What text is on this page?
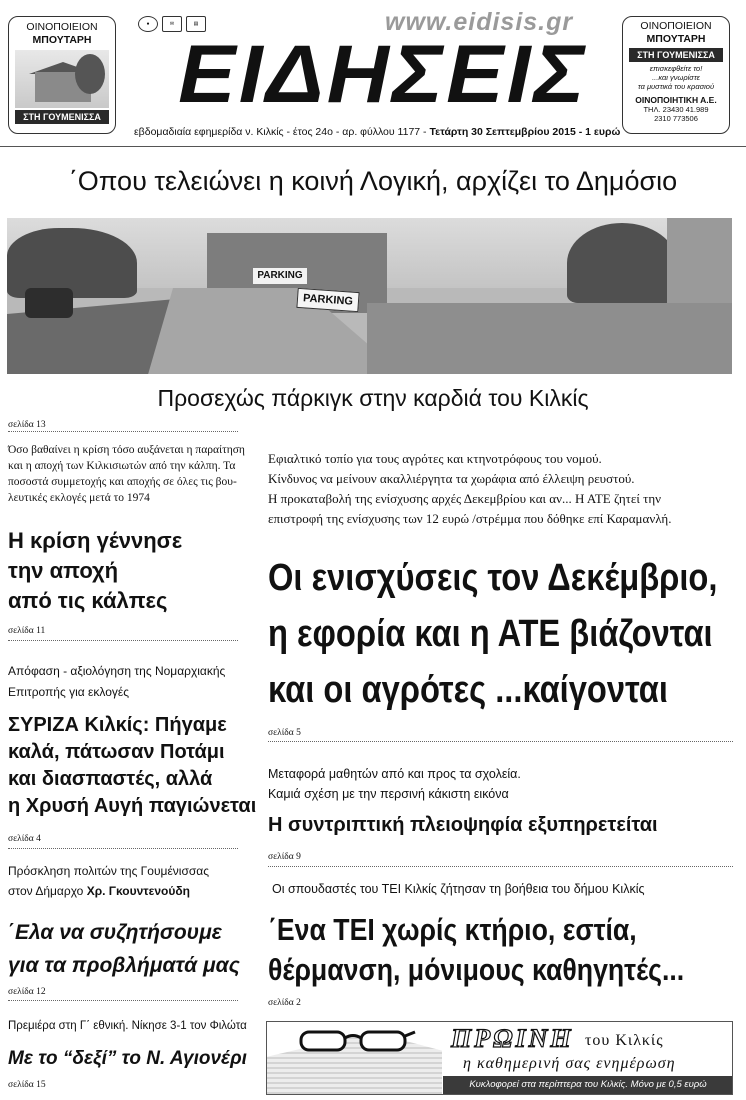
ΟΙΝΟΠΟΙΕΙΟΝ
ΜΠΟΥΤΑΡΗ
ΣΤΗ ΓΟΥΜΕΝΙΣΣΑ
●	✉	▤	www.eidisis.gr
ΕΙΔΗΣΕΙΣ
εβδομαδιαία εφημερίδα ν. Κιλκίς - έτος 24ο - αρ. φύλλου 1177 - Τετάρτη 30 Σεπτεμβρίου 2015 - 1 ευρώ
ΟΙΝΟΠΟΙΕΙΟΝ
ΜΠΟΥΤΑΡΗ
ΣΤΗ ΓΟΥΜΕΝΙΣΣΑ
επισκεφθείτε το!
...και γνωρίστε
τα μυστικά του κρασιού
ΟΙΝΟΠΟΙΗΤΙΚΗ Α.Ε.
ΤΗΛ. 23430 41.989
2310 773506
΄Οπου τελειώνει η κοινή Λογική, αρχίζει το Δημόσιο
PARKING
PARKING
Προσεχώς πάρκιγκ στην καρδιά του Κιλκίς
σελίδα 13
Όσο βαθαίνει η κρίση τόσο αυξάνεται η παραίτηση
και η αποχή των Κιλκισιωτών από την κάλπη. Τα
ποσοστά συμμετοχής και αποχής σε όλες τις βου-
λευτικές εκλογές μετά το 1974
Η κρίση γέννησε
την αποχή
από τις κάλπες
σελίδα 11
Απόφαση - αξιολόγηση της Νομαρχιακής
Επιτροπής για εκλογές
ΣΥΡΙΖΑ Κιλκίς: Πήγαμε
καλά, πάτωσαν Ποτάμι
και διασπαστές, αλλά
η Χρυσή Αυγή παγιώνεται
σελίδα 4
Πρόσκληση πολιτών της Γουμένισσας
στον Δήμαρχο Χρ. Γκουντενούδη
΄Ελα να συζητήσουμε
για τα προβλήματά μας
σελίδα 12
Πρεμιέρα στη Γ΄ εθνική. Νίκησε 3-1 τον Φιλώτα
Με το “δεξί” το Ν. Αγιονέρι
σελίδα 15
Εφιαλτικό τοπίο για τους αγρότες και κτηνοτρόφους του νομού.
Κίνδυνος να μείνουν ακαλλιέργητα τα χωράφια από έλλειψη ρευστού.
Η προκαταβολή της ενίσχυσης αρχές Δεκεμβρίου και αν... Η ΑΤΕ ζητεί την
επιστροφή της ενίσχυσης των 12 ευρώ /στρέμμα που δόθηκε επί Καραμανλή.
Οι ενισχύσεις τον Δεκέμβριο,
η εφορία και η ΑΤΕ βιάζονται
και οι αγρότες ...καίγονται
σελίδα 5
Μεταφορά μαθητών από και προς τα σχολεία.
Καμιά σχέση με την περσινή κάκιστη εικόνα
Η συντριπτική πλειοψηφία εξυπηρετείται
σελίδα 9
Οι σπουδαστές του ΤΕΙ Κιλκίς ζήτησαν τη βοήθεια του δήμου Κιλκίς
΄Ενα ΤΕΙ χωρίς κτήριο, εστία,
θέρμανση, μόνιμους καθηγητές...
σελίδα 2
ΠΡΩΙΝΗ του Κιλκίς
η καθημερινή σας ενημέρωση
Κυκλοφορεί στα περίπτερα του Κιλκίς. Μόνο με 0,5 ευρώ
